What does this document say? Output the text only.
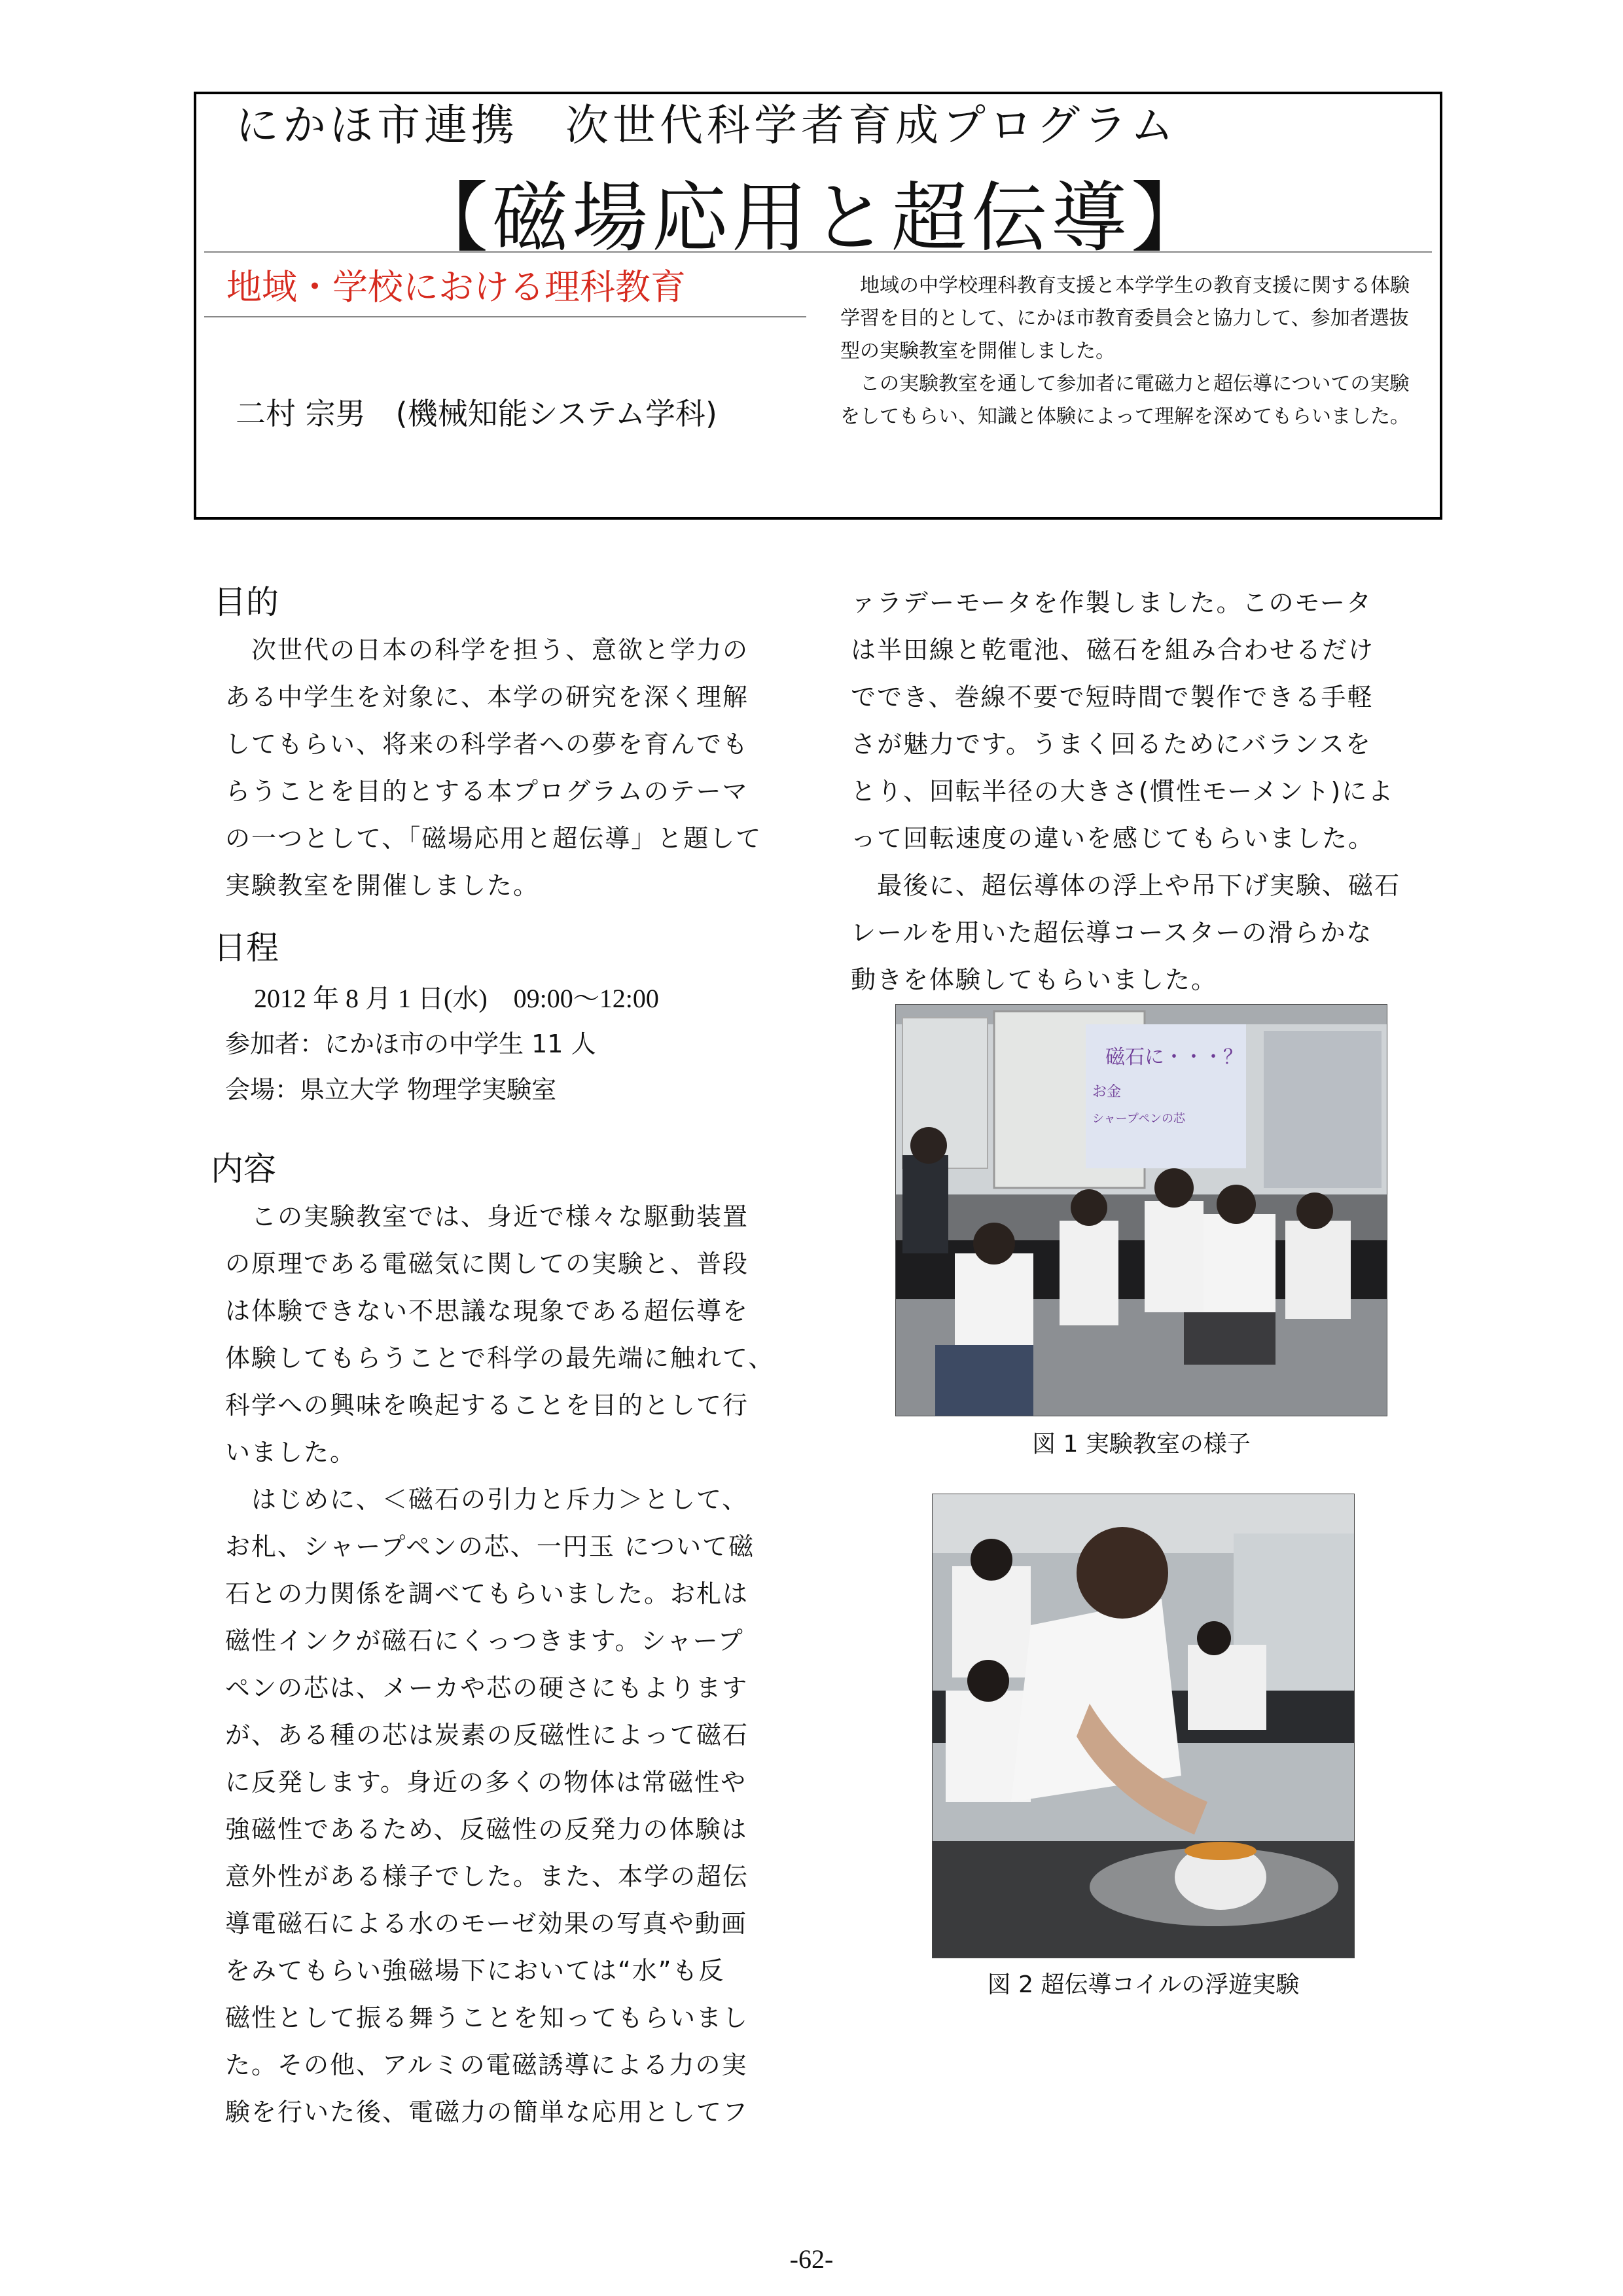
にかほ市連携　次世代科学者育成プログラム
【磁場応用と超伝導】
地域・学校における理科教育
二村 宗男　(機械知能システム学科)

地域の中学校理科教育支援と本学学生の教育支援に関する体験学習を目的として、にかほ市教育委員会と協力して、参加者選抜型の実験教室を開催しました。

この実験教室を通して参加者に電磁力と超伝導についての実験をしてもらい、知識と体験によって理解を深めてもらいました。

目的
　次世代の日本の科学を担う、意欲と学力の
ある中学生を対象に、本学の研究を深く理解
してもらい、将来の科学者への夢を育んでも
らうことを目的とする本プログラムのテーマ
の一つとして、「磁場応用と超伝導」と題して
実験教室を開催しました。
日程
2012 年 8 月 1 日(水)　09:00～12:00
参加者：にかほ市の中学生 11 人
会場：県立大学 物理学実験室
内容
　この実験教室では、身近で様々な駆動装置
の原理である電磁気に関しての実験と、普段
は体験できない不思議な現象である超伝導を
体験してもらうことで科学の最先端に触れて、
科学への興味を喚起することを目的として行
いました。
　はじめに、＜磁石の引力と斥力＞として、
お札、シャープペンの芯、一円玉 について磁
石との力関係を調べてもらいました。お札は
磁性インクが磁石にくっつきます。シャープ
ペンの芯は、メーカや芯の硬さにもよります
が、ある種の芯は炭素の反磁性によって磁石
に反発します。身近の多くの物体は常磁性や
強磁性であるため、反磁性の反発力の体験は
意外性がある様子でした。また、本学の超伝
導電磁石による水のモーゼ効果の写真や動画
をみてもらい強磁場下においては“水”も反
磁性として振る舞うことを知ってもらいまし
た。その他、アルミの電磁誘導による力の実
験を行いた後、電磁力の簡単な応用としてフ
ァラデーモータを作製しました。このモータ
は半田線と乾電池、磁石を組み合わせるだけ
ででき、巻線不要で短時間で製作できる手軽
さが魅力です。うまく回るためにバランスを
とり、回転半径の大きさ(慣性モーメント)によ
って回転速度の違いを感じてもらいました。
　最後に、超伝導体の浮上や吊下げ実験、磁石
レールを用いた超伝導コースターの滑らかな
動きを体験してもらいました。
磁石に・・・？
お金
シャープペンの芯
図 1 実験教室の様子
図 2 超伝導コイルの浮遊実験
-62-
